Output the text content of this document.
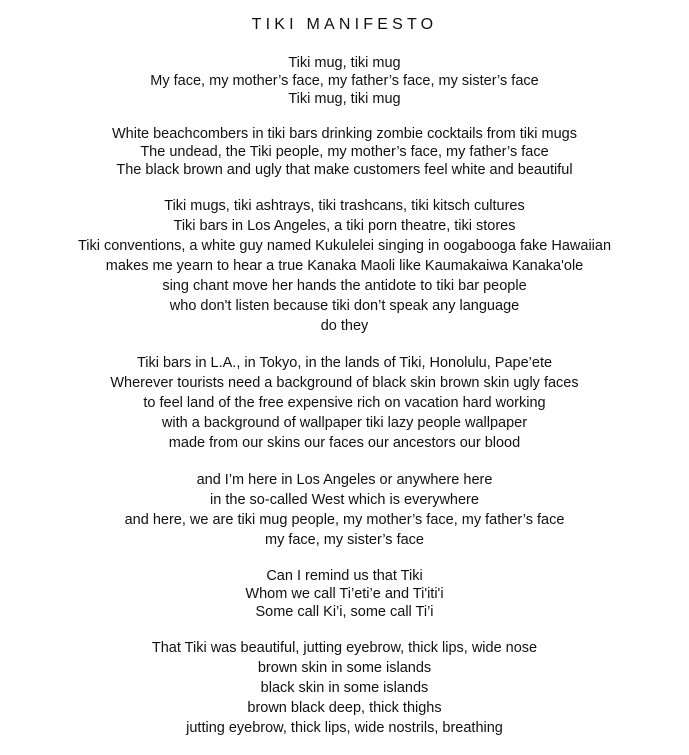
TIKI MANIFESTO
Tiki mug, tiki mug
My face, my mother’s face, my father’s face, my sister’s face
Tiki mug, tiki mug
White beachcombers in tiki bars drinking zombie cocktails from tiki mugs
The undead, the Tiki people, my mother’s face, my father’s face
The black brown and ugly that make customers feel white and beautiful
Tiki mugs, tiki ashtrays, tiki trashcans, tiki kitsch cultures
Tiki bars in Los Angeles, a tiki porn theatre, tiki stores
Tiki conventions, a white guy named Kukulelei singing in oogabooga fake Hawaiian
makes me yearn to hear a true Kanaka Maoli like Kaumakaiwa Kanaka'ole
sing chant move her hands the antidote to tiki bar people
who don't listen because tiki don’t speak any language
do they
Tiki bars in L.A., in Tokyo, in the lands of Tiki, Honolulu, Pape’ete
Wherever tourists need a background of black skin brown skin ugly faces
to feel land of the free expensive rich on vacation hard working
with a background of wallpaper tiki lazy people wallpaper
made from our skins our faces our ancestors our blood
and I’m here in Los Angeles or anywhere here
in the so-called West which is everywhere
and here, we are tiki mug people, my mother’s face, my father’s face
my face, my sister’s face
Can I remind us that Tiki
Whom we call Ti’eti’e and Ti'iti'i
Some call Ki’i, some call Ti’i
That Tiki was beautiful, jutting eyebrow, thick lips, wide nose
brown skin in some islands
black skin in some islands
brown black deep, thick thighs
jutting eyebrow, thick lips, wide nostrils, breathing
